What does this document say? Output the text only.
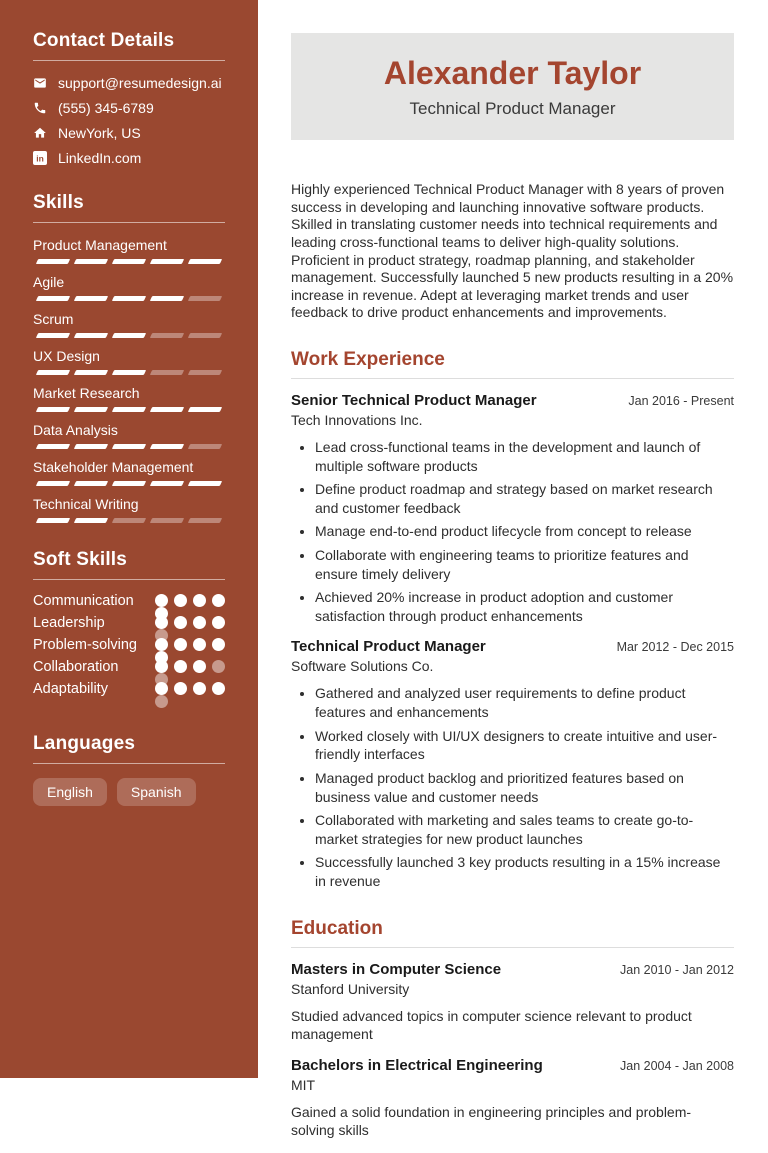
Contact Details
support@resumedesign.ai
(555) 345-6789
NewYork, US
in LinkedIn.com
Skills
Product Management
Agile
Scrum
UX Design
Market Research
Data Analysis
Stakeholder Management
Technical Writing
Soft Skills
Communication
Leadership
Problem-solving
Collaboration
Adaptability
Languages
English	Spanish
Alexander Taylor
Technical Product Manager

Highly experienced Technical Product Manager with 8 years of proven success in developing and launching innovative software products. Skilled in translating customer needs into technical requirements and leading cross-functional teams to deliver high-quality solutions. Proficient in product strategy, roadmap planning, and stakeholder management. Successfully launched 5 new products resulting in a 20% increase in revenue. Adept at leveraging market trends and user feedback to drive product enhancements and improvements.

Work Experience
Senior Technical Product Manager	Jan 2016 - Present
Tech Innovations Inc.
• Lead cross-functional teams in the development and launch of multiple software products
• Define product roadmap and strategy based on market research and customer feedback
• Manage end-to-end product lifecycle from concept to release
• Collaborate with engineering teams to prioritize features and ensure timely delivery
• Achieved 20% increase in product adoption and customer satisfaction through product enhancements
Technical Product Manager	Mar 2012 - Dec 2015
Software Solutions Co.
• Gathered and analyzed user requirements to define product features and enhancements
• Worked closely with UI/UX designers to create intuitive and user-friendly interfaces
• Managed product backlog and prioritized features based on business value and customer needs
• Collaborated with marketing and sales teams to create go-to-market strategies for new product launches
• Successfully launched 3 key products resulting in a 15% increase in revenue
Education
Masters in Computer Science	Jan 2010 - Jan 2012
Stanford University

Studied advanced topics in computer science relevant to product management

Bachelors in Electrical Engineering	Jan 2004 - Jan 2008
MIT

Gained a solid foundation in engineering principles and problem-solving skills
